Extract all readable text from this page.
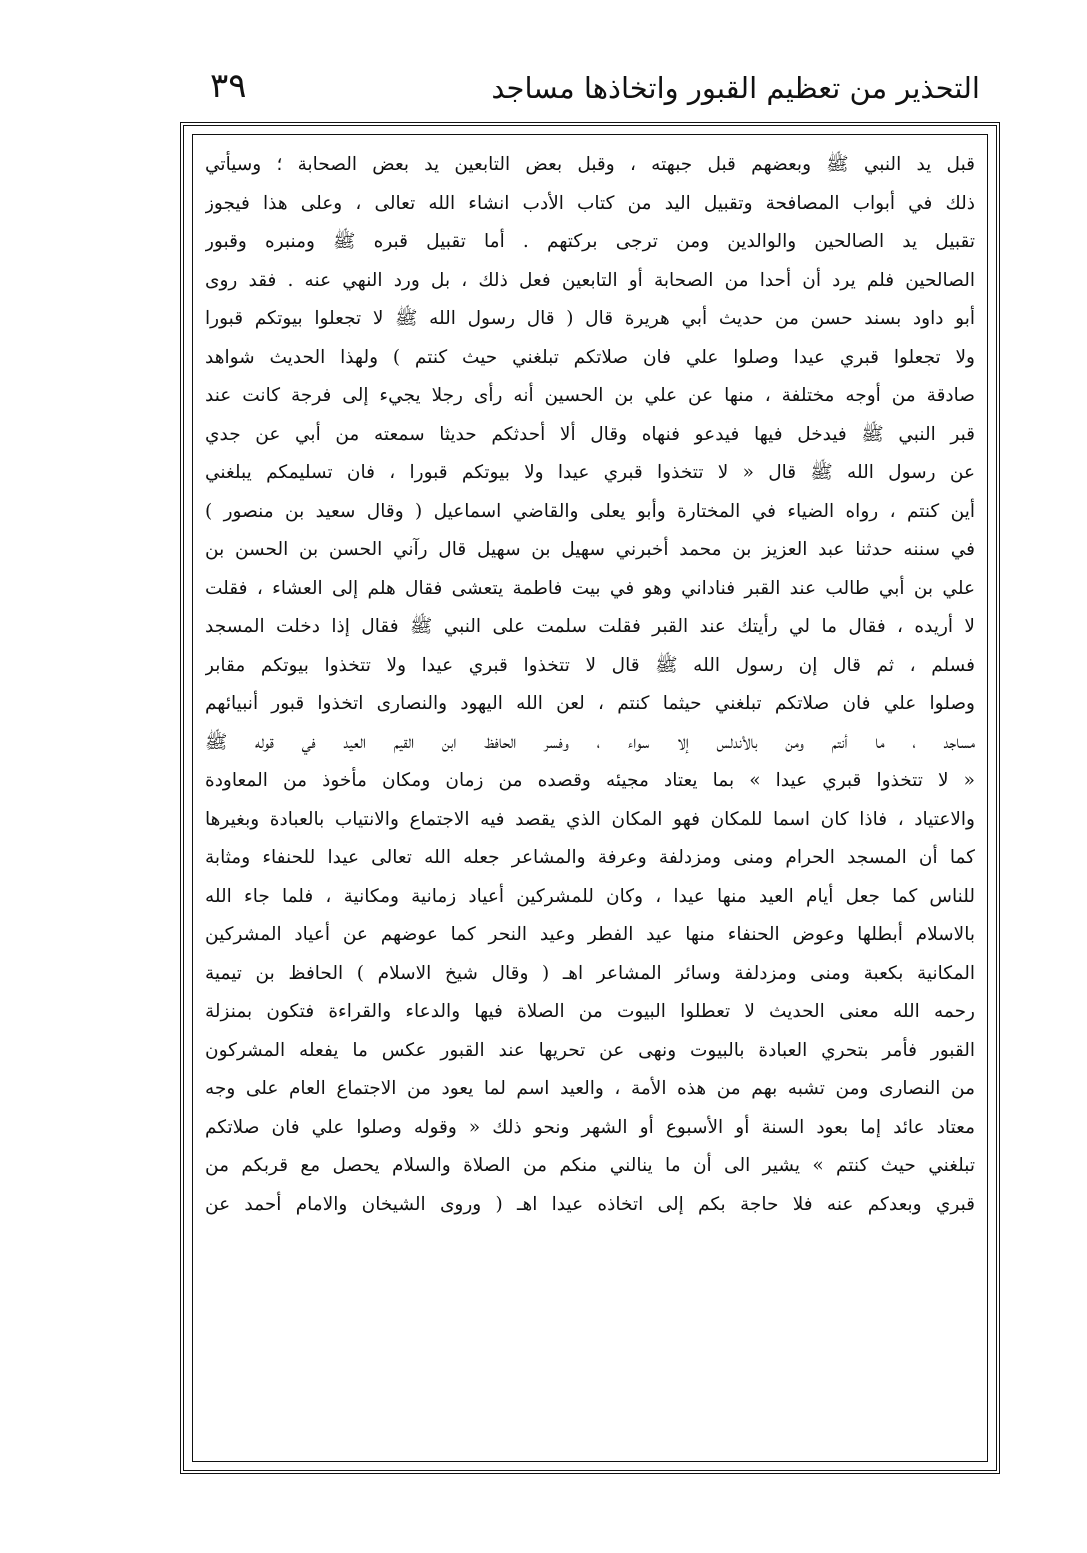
التحذير من تعظيم القبور واتخاذها مساجد
٣٩
قبل يد النبي ﷺ وبعضهم قبل جبهته ، وقبل بعض التابعين يد بعض الصحابة ؛ وسيأتي
ذلك في أبواب المصافحة وتقبيل اليد من كتاب الأدب انشاء الله تعالى ، وعلى هذا فيجوز
تقبيل يد الصالحين والوالدين ومن ترجى بركتهم . أما تقبيل قبره ﷺ ومنبره وقبور
الصالحين فلم يرد أن أحدا من الصحابة أو التابعين فعل ذلك ، بل ورد النهي عنه . فقد روى
أبو داود بسند حسن من حديث أبي هريرة قال ( قال رسول الله ﷺ لا تجعلوا بيوتكم قبورا
ولا تجعلوا قبري عيدا وصلوا علي فان صلاتكم تبلغني حيث كنتم ) ولهذا الحديث شواهد
صادقة من أوجه مختلفة ، منها عن علي بن الحسين أنه رأى رجلا يجيء إلى فرجة كانت عند
قبر النبي ﷺ فيدخل فيها فيدعو فنهاه وقال ألا أحدثكم حديثا سمعته من أبي عن جدي
عن رسول الله ﷺ قال « لا تتخذوا قبري عيدا ولا بيوتكم قبورا ، فان تسليمكم يبلغني
أين كنتم ، رواه الضياء في المختارة وأبو يعلى والقاضي اسماعيل ( وقال سعيد بن منصور )
في سننه حدثنا عبد العزيز بن محمد أخبرني سهيل بن سهيل قال رآني الحسن بن الحسن بن
علي بن أبي طالب عند القبر فناداني وهو في بيت فاطمة يتعشى فقال هلم إلى العشاء ، فقلت
لا أريده ، فقال ما لي رأيتك عند القبر فقلت سلمت على النبي ﷺ فقال إذا دخلت المسجد
فسلم ، ثم قال إن رسول الله ﷺ قال لا تتخذوا قبري عيدا ولا تتخذوا بيوتكم مقابر
وصلوا علي فان صلاتكم تبلغني حيثما كنتم ، لعن الله اليهود والنصارى اتخذوا قبور أنبيائهم
مساجد ، ما أنتم ومن بالأندلس إلا سواء ، وفسر الحافظ ابن القيم العيد في قوله ﷺ
« لا تتخذوا قبري عيدا » بما يعتاد مجيئه وقصده من زمان ومكان مأخوذ من المعاودة
والاعتياد ، فاذا كان اسما للمكان فهو المكان الذي يقصد فيه الاجتماع والانتياب بالعبادة وبغيرها
كما أن المسجد الحرام ومنى ومزدلفة وعرفة والمشاعر جعله الله تعالى عيدا للحنفاء ومثابة
للناس كما جعل أيام العيد منها عيدا ، وكان للمشركين أعياد زمانية ومكانية ، فلما جاء الله
بالاسلام أبطلها وعوض الحنفاء منها عيد الفطر وعيد النحر كما عوضهم عن أعياد المشركين
المكانية بكعبة ومنى ومزدلفة وسائر المشاعر اهـ ( وقال شيخ الاسلام ) الحافظ بن تيمية
رحمه الله معنى الحديث لا تعطلوا البيوت من الصلاة فيها والدعاء والقراءة فتكون بمنزلة
القبور فأمر بتحري العبادة بالبيوت ونهى عن تحريها عند القبور عكس ما يفعله المشركون
من النصارى ومن تشبه بهم من هذه الأمة ، والعيد اسم لما يعود من الاجتماع العام على وجه
معتاد عائد إما بعود السنة أو الأسبوع أو الشهر ونحو ذلك « وقوله وصلوا علي فان صلاتكم
تبلغني حيث كنتم » يشير الى أن ما ينالني منكم من الصلاة والسلام يحصل مع قربكم من
قبري وبعدكم عنه فلا حاجة بكم إلى اتخاذه عيدا اهـ ( وروى الشيخان والامام أحمد عن
